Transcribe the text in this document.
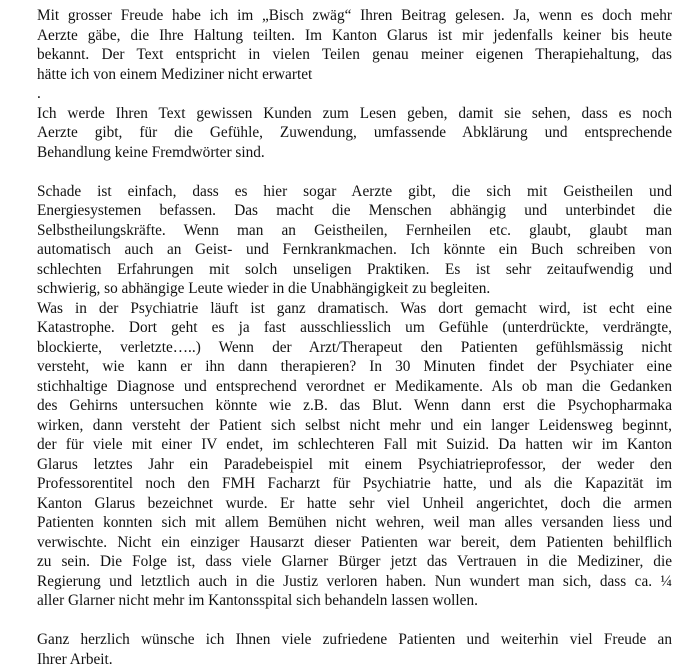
Mit grosser Freude habe ich im „Bisch zwäg“ Ihren Beitrag gelesen. Ja, wenn es doch mehr
Aerzte gäbe, die Ihre Haltung teilten. Im Kanton Glarus ist mir jedenfalls keiner bis heute
bekannt. Der Text entspricht in vielen Teilen genau meiner eigenen Therapiehaltung, das
hätte ich von einem Mediziner nicht erwartet
.
Ich werde Ihren Text gewissen Kunden zum Lesen geben, damit sie sehen, dass es noch
Aerzte gibt, für die Gefühle, Zuwendung, umfassende Abklärung und entsprechende
Behandlung keine Fremdwörter sind.
Schade ist einfach, dass es hier sogar Aerzte gibt, die sich mit Geistheilen und
Energiesystemen befassen. Das macht die Menschen abhängig und unterbindet die
Selbstheilungskräfte. Wenn man an Geistheilen, Fernheilen etc. glaubt, glaubt man
automatisch auch an Geist- und Fernkrankmachen. Ich könnte ein Buch schreiben von
schlechten Erfahrungen mit solch unseligen Praktiken. Es ist sehr zeitaufwendig und
schwierig, so abhängige Leute wieder in die Unabhängigkeit zu begleiten.
Was in der Psychiatrie läuft ist ganz dramatisch. Was dort gemacht wird, ist echt eine
Katastrophe. Dort geht es ja fast ausschliesslich um Gefühle (unterdrückte, verdrängte,
blockierte, verletzte…..) Wenn der Arzt/Therapeut den Patienten gefühlsmässig nicht
versteht, wie kann er ihn dann therapieren? In 30 Minuten findet der Psychiater eine
stichhaltige Diagnose und entsprechend verordnet er Medikamente. Als ob man die Gedanken
des Gehirns untersuchen könnte wie z.B. das Blut. Wenn dann erst die Psychopharmaka
wirken, dann versteht der Patient sich selbst nicht mehr und ein langer Leidensweg beginnt,
der für viele mit einer IV endet, im schlechteren Fall mit Suizid. Da hatten wir im Kanton
Glarus letztes Jahr ein Paradebeispiel mit einem Psychiatrieprofessor, der weder den
Professorentitel noch den FMH Facharzt für Psychiatrie hatte, und als die Kapazität im
Kanton Glarus bezeichnet wurde. Er hatte sehr viel Unheil angerichtet, doch die armen
Patienten konnten sich mit allem Bemühen nicht wehren, weil man alles versanden liess und
verwischte. Nicht ein einziger Hausarzt dieser Patienten war bereit, dem Patienten behilflich
zu sein. Die Folge ist, dass viele Glarner Bürger jetzt das Vertrauen in die Mediziner, die
Regierung und letztlich auch in die Justiz verloren haben. Nun wundert man sich, dass ca. ¼
aller Glarner nicht mehr im Kantonsspital sich behandeln lassen wollen.
Ganz herzlich wünsche ich Ihnen viele zufriedene Patienten und weiterhin viel Freude an
Ihrer Arbeit.
